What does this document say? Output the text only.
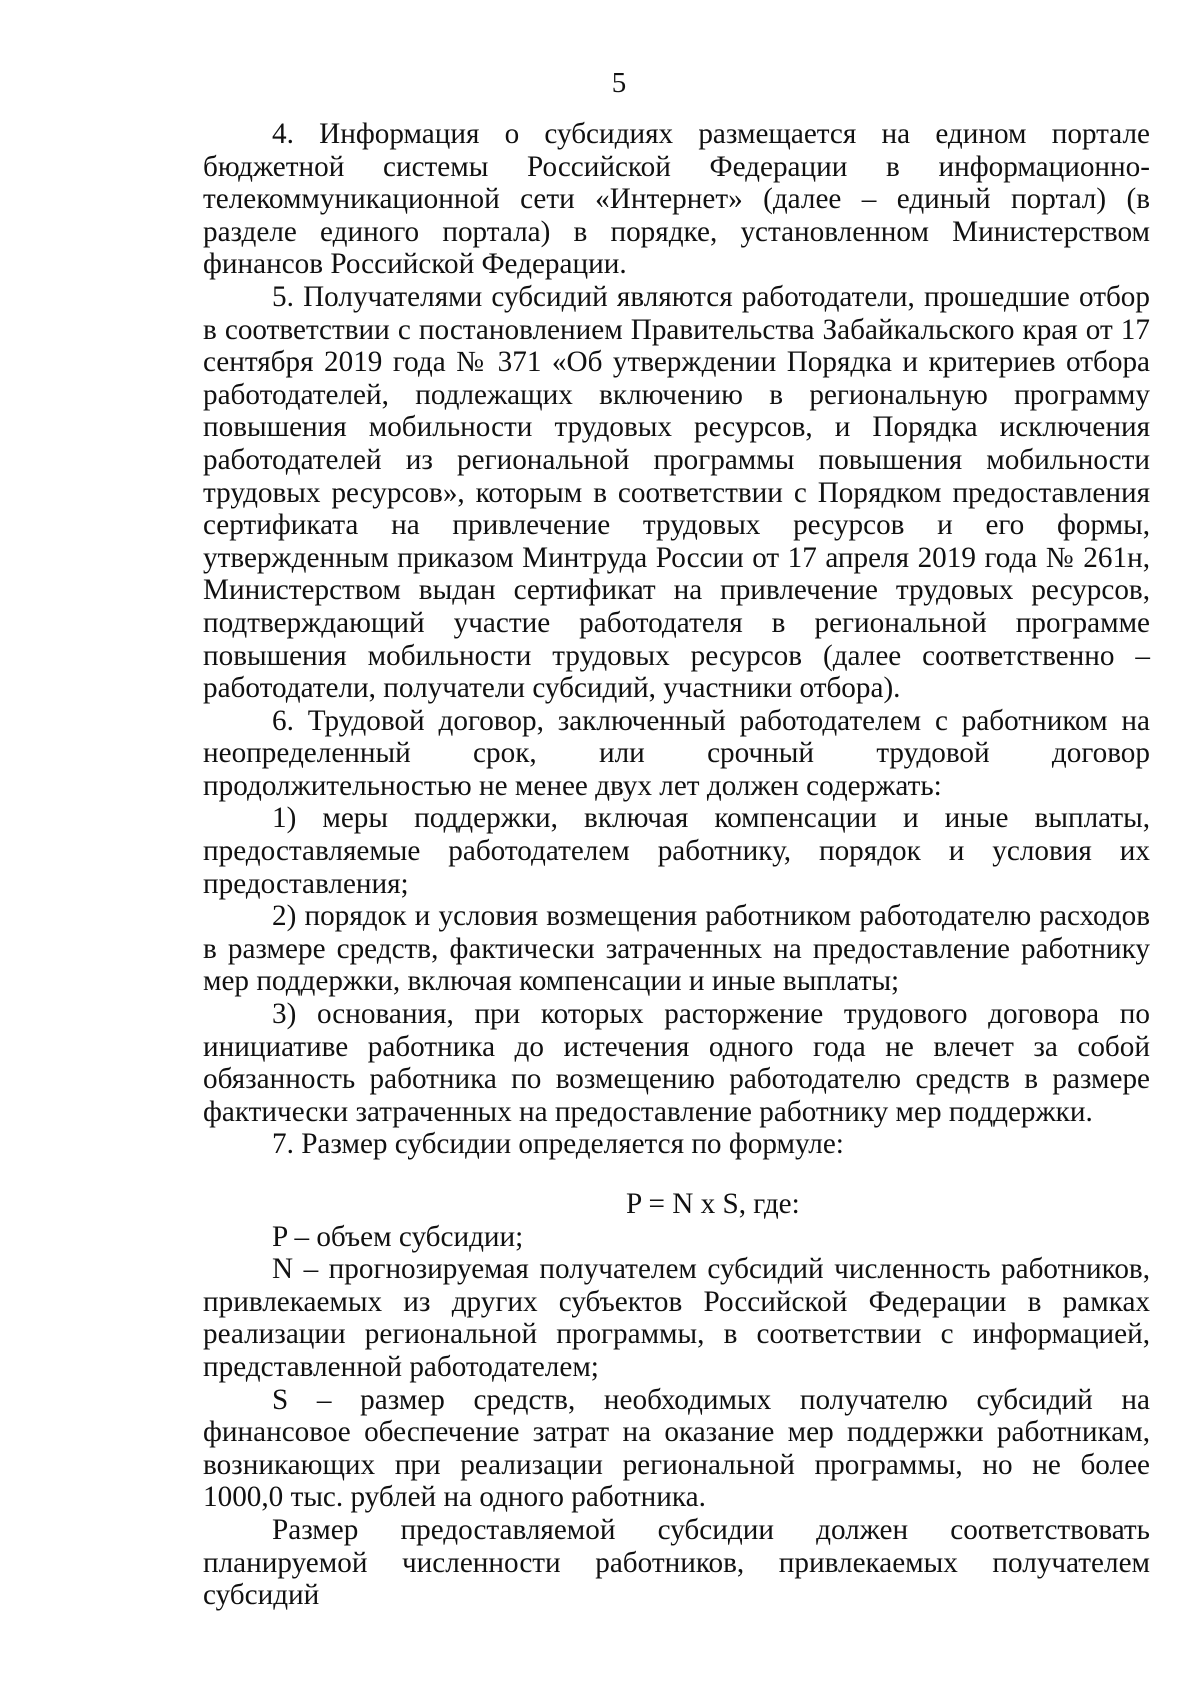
5

4. Информация о субсидиях размещается на едином портале бюджетной системы Российской Федерации в информационно-телекоммуникационной сети «Интернет» (далее – единый портал) (в разделе единого портала) в порядке, установленном Министерством финансов Российской Федерации.

5. Получателями субсидий являются работодатели, прошедшие отбор в соответствии с постановлением Правительства Забайкальского края от 17 сентября 2019 года № 371 «Об утверждении Порядка и критериев отбора работодателей, подлежащих включению в региональную программу повышения мобильности трудовых ресурсов, и Порядка исключения работодателей из региональной программы повышения мобильности трудовых ресурсов», которым в соответствии с Порядком предоставления сертификата на привлечение трудовых ресурсов и его формы, утвержденным приказом Минтруда России от 17 апреля 2019 года № 261н, Министерством выдан сертификат на привлечение трудовых ресурсов, подтверждающий участие работодателя в региональной программе повышения мобильности трудовых ресурсов (далее соответственно – работодатели, получатели субсидий, участники отбора).

6. Трудовой договор, заключенный работодателем с работником на неопределенный срок, или срочный трудовой договор продолжительностью не менее двух лет должен содержать:

1) меры поддержки, включая компенсации и иные выплаты, предоставляемые работодателем работнику, порядок и условия их предоставления;

2) порядок и условия возмещения работником работодателю расходов в размере средств, фактически затраченных на предоставление работнику мер поддержки, включая компенсации и иные выплаты;

3) основания, при которых расторжение трудового договора по инициативе работника до истечения одного года не влечет за собой обязанность работника по возмещению работодателю средств в размере фактически затраченных на предоставление работнику мер поддержки.

7. Размер субсидии определяется по формуле:

P = N x S, где:

P – объем субсидии;

N – прогнозируемая получателем субсидий численность работников, привлекаемых из других субъектов Российской Федерации в рамках реализации региональной программы, в соответствии с информацией, представленной работодателем;

S – размер средств, необходимых получателю субсидий на финансовое обеспечение затрат на оказание мер поддержки работникам, возникающих при реализации региональной программы, но не более 1000,0 тыс. рублей на одного работника.

Размер предоставляемой субсидии должен соответствовать планируемой численности работников, привлекаемых получателем субсидий
